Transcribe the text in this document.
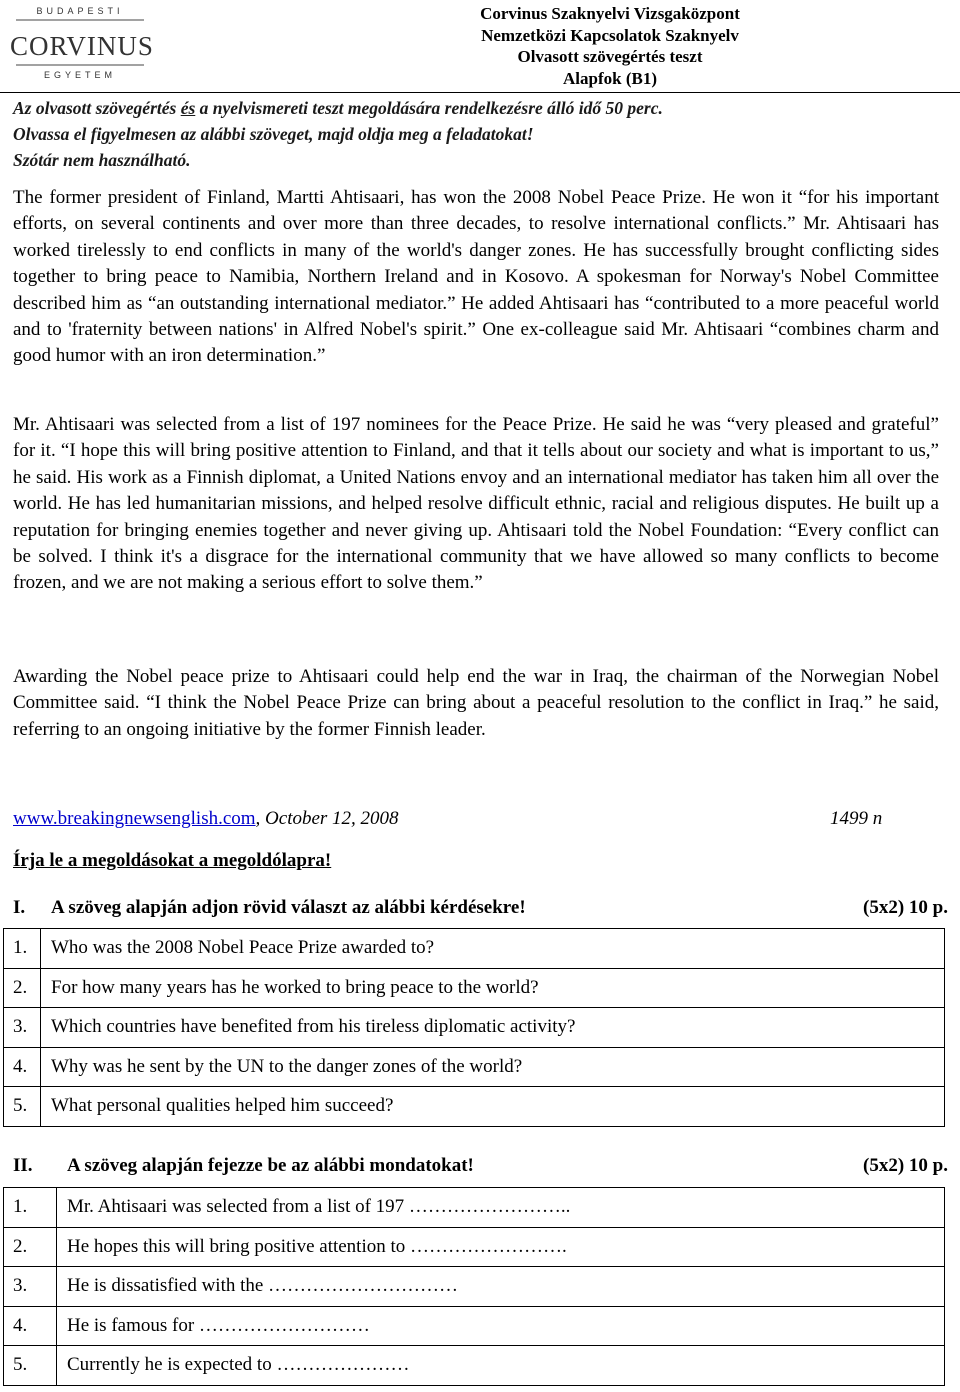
BUDAPESTI
CORVINUS
EGYETEM
Corvinus Szaknyelvi Vizsgaközpont
Nemzetközi Kapcsolatok Szaknyelv
Olvasott szövegértés teszt
Alapfok (B1)
Az olvasott szövegértés és a nyelvismereti teszt megoldására rendelkezésre álló idő 50 perc.
Olvassa el figyelmesen az alábbi szöveget, majd oldja meg a feladatokat!
Szótár nem használható.
The former president of Finland, Martti Ahtisaari, has won the 2008 Nobel Peace Prize. He won it “for his important efforts, on several continents and over more than three decades, to resolve international conflicts.” Mr. Ahtisaari has worked tirelessly to end conflicts in many of the world's danger zones. He has successfully brought conflicting sides together to bring peace to Namibia, Northern Ireland and in Kosovo. A spokesman for Norway's Nobel Committee described him as “an outstanding international mediator.” He added Ahtisaari has “contributed to a more peaceful world and to 'fraternity between nations' in Alfred Nobel's spirit.” One ex-colleague said Mr. Ahtisaari “combines charm and good humor with an iron determination.”
Mr. Ahtisaari was selected from a list of 197 nominees for the Peace Prize. He said he was “very pleased and grateful” for it. “I hope this will bring positive attention to Finland, and that it tells about our society and what is important to us,” he said. His work as a Finnish diplomat, a United Nations envoy and an international mediator has taken him all over the world. He has led humanitarian missions, and helped resolve difficult ethnic, racial and religious disputes. He built up a reputation for bringing enemies together and never giving up. Ahtisaari told the Nobel Foundation: “Every conflict can be solved. I think it's a disgrace for the international community that we have allowed so many conflicts to become frozen, and we are not making a serious effort to solve them.”
Awarding the Nobel peace prize to Ahtisaari could help end the war in Iraq, the chairman of the Norwegian Nobel Committee said. “I think the Nobel Peace Prize can bring about a peaceful resolution to the conflict in Iraq.” he said, referring to an ongoing initiative by the former Finnish leader.
www.breakingnewsenglish.com, October 12, 2008	1499 n
Írja le a megoldásokat a megoldólapra!
I. A szöveg alapján adjon rövid választ az alábbi kérdésekre!	(5x2) 10 p.
1.	Who was the 2008 Nobel Peace Prize awarded to?
2.	For how many years has he worked to bring peace to the world?
3.	Which countries have benefited from his tireless diplomatic activity?
4.	Why was he sent by the UN to the danger zones of the world?
5.	What personal qualities helped him succeed?
II. A szöveg alapján fejezze be az alábbi mondatokat!	(5x2) 10 p.
1.	Mr. Ahtisaari was selected from a list of 197 ……………………..
2.	He hopes this will bring positive attention to …………………….
3.	He is dissatisfied with the …………………………
4.	He is famous for ………………………
5.	Currently he is expected to …………………
